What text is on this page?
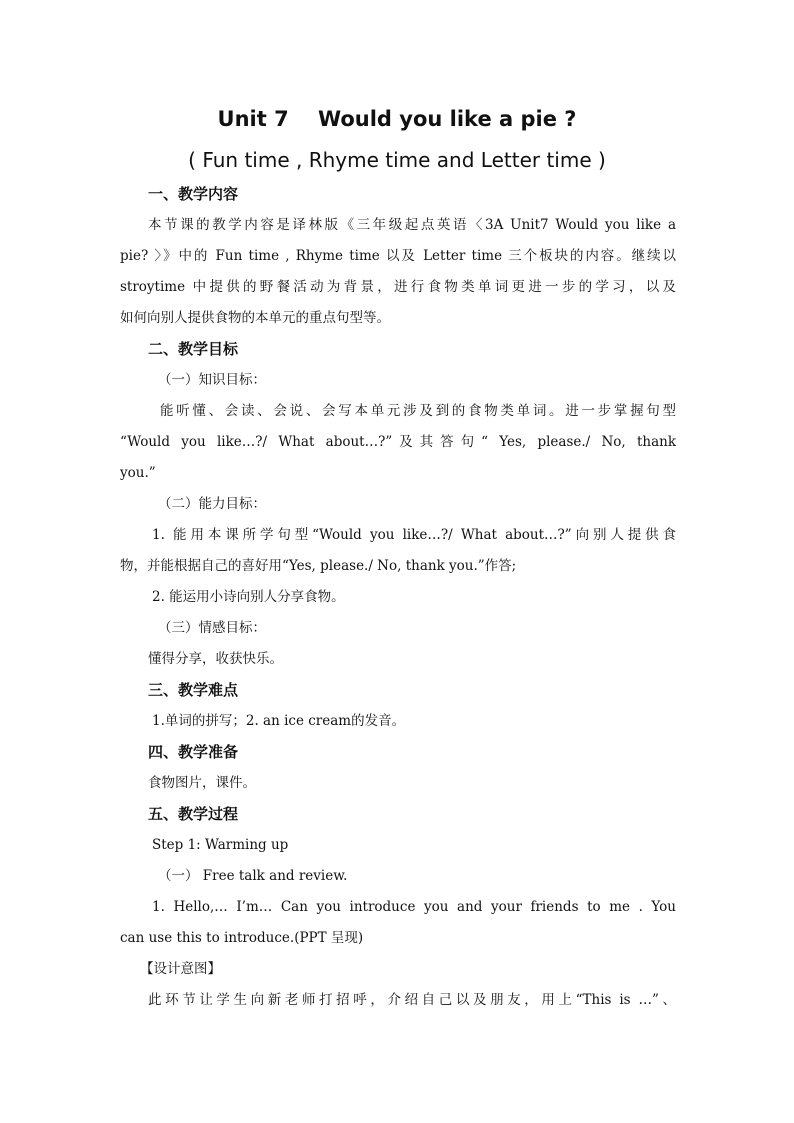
Unit 7    Would you like a pie ?
( Fun time , Rhyme time and Letter time )
一、教学内容
本节课的教学内容是译林版《三年级起点英语〈3A Unit7 Would you like a
pie? 〉》中的 Fun time , Rhyme time 以及 Letter time 三个板块的内容。继续以
stroytime 中提供的野餐活动为背景，进行食物类单词更进一步的学习，以及
如何向别人提供食物的本单元的重点句型等。
二、教学目标
（一）知识目标：
能听懂、会读、会说、会写本单元涉及到的食物类单词。进一步掌握句型
“Would you like…?/ What about…?”及其答句“ Yes, please./ No, thank
you.”
（二）能力目标：
1. 能用本课所学句型“Would you like…?/ What about…?”向别人提供食
物，并能根据自己的喜好用“Yes, please./ No, thank you.”作答;
2. 能运用小诗向别人分享食物。
（三）情感目标：
懂得分享，收获快乐。
三、教学难点
1.单词的拼写；2. an ice cream的发音。
四、教学准备
食物图片，课件。
五、教学过程
Step 1: Warming up
（一） Free talk and review.
1. Hello,… I’m… Can you introduce you and your friends to me . You
can use this to introduce.(PPT 呈现)
【设计意图】
此环节让学生向新老师打招呼，介绍自己以及朋友，用上“This is …”、
